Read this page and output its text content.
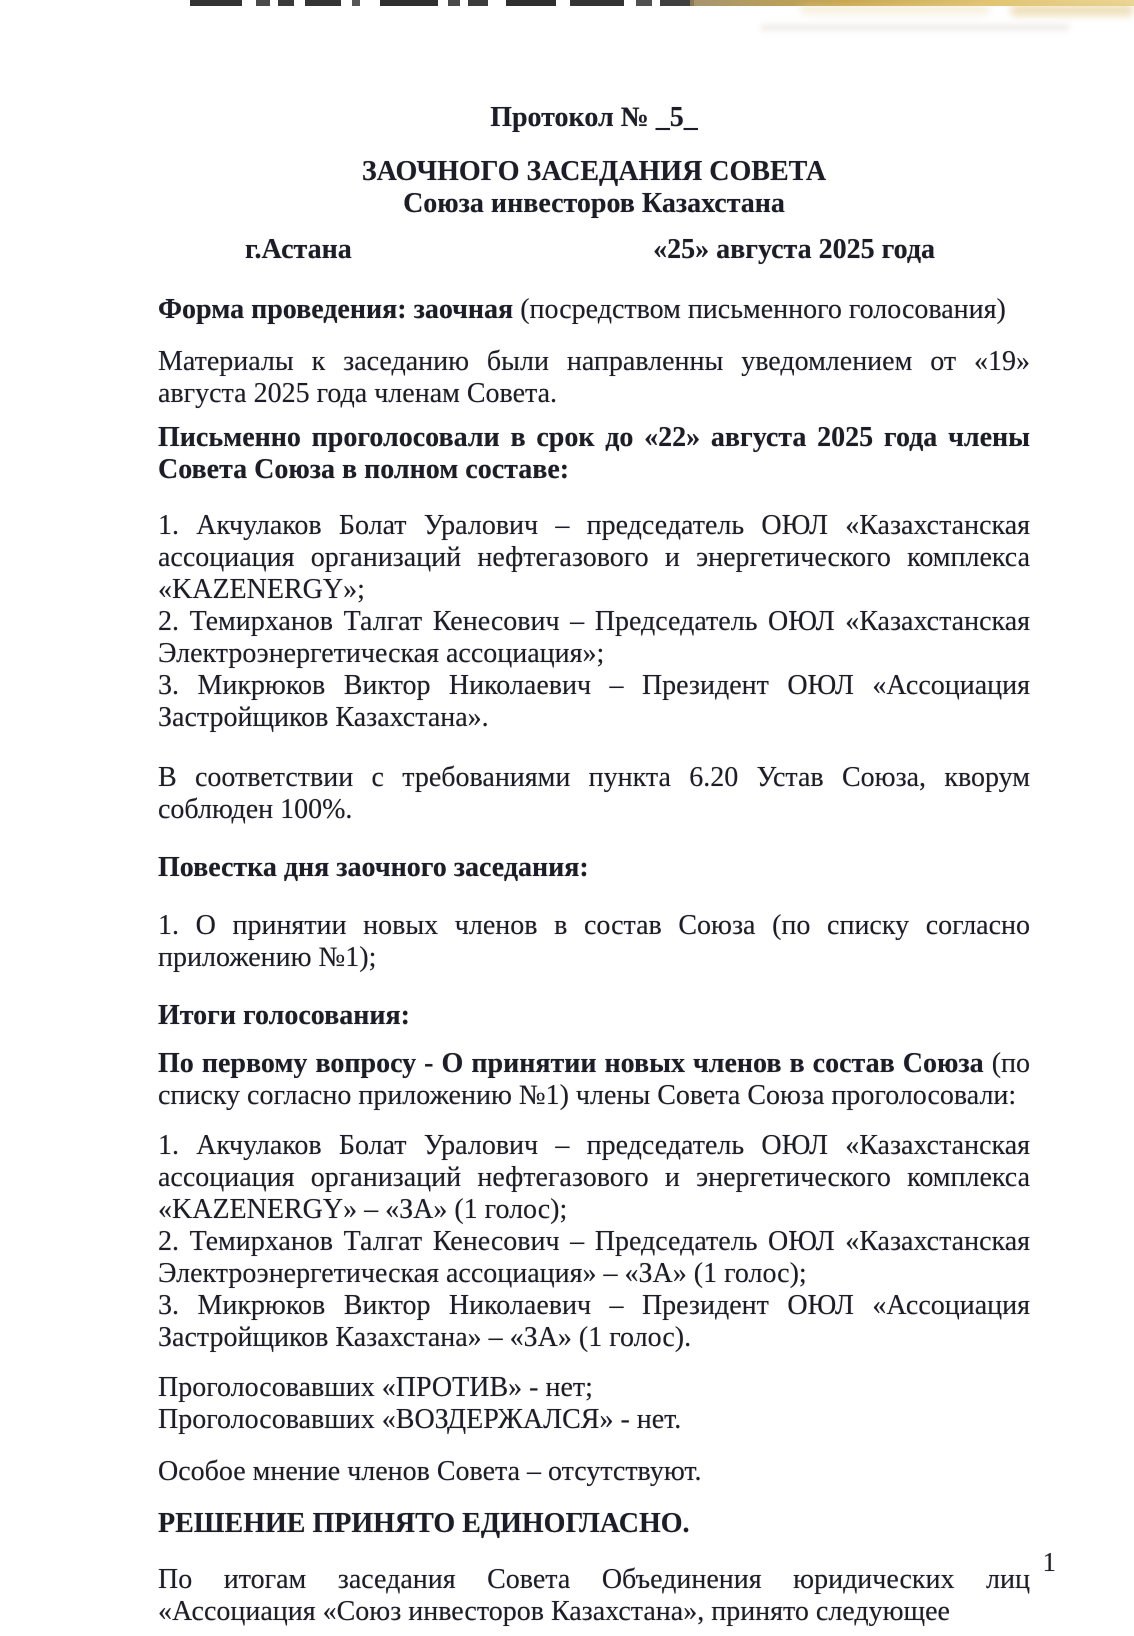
Протокол № _5_
ЗАОЧНОГО ЗАСЕДАНИЯ СОВЕТА
Союза инвесторов Казахстана
г.Астана	«25» августа 2025 года
Форма проведения: заочная (посредством письменного голосования)
Материалы к заседанию были направленны уведомлением от «19» августа 2025 года членам Совета.
Письменно проголосовали в срок до «22» августа 2025 года члены Совета Союза в полном составе:
1. Акчулаков Болат Уралович – председатель ОЮЛ «Казахстанская ассоциация организаций нефтегазового и энергетического комплекса «KAZENERGY»;
2. Темирханов Талгат Кенесович – Председатель ОЮЛ «Казахстанская Электроэнергетическая ассоциация»;
3. Микрюков Виктор Николаевич – Президент ОЮЛ «Ассоциация Застройщиков Казахстана».
В соответствии с требованиями пункта 6.20 Устав Союза, кворум соблюден 100%.
Повестка дня заочного заседания:
1. О принятии новых членов в состав Союза (по списку согласно приложению №1);
Итоги голосования:
По первому вопросу - О принятии новых членов в состав Союза (по списку согласно приложению №1) члены Совета Союза проголосовали:
1. Акчулаков Болат Уралович – председатель ОЮЛ «Казахстанская ассоциация организаций нефтегазового и энергетического комплекса «KAZENERGY» – «ЗА» (1 голос);
2. Темирханов Талгат Кенесович – Председатель ОЮЛ «Казахстанская Электроэнергетическая ассоциация» – «ЗА» (1 голос);
3. Микрюков Виктор Николаевич – Президент ОЮЛ «Ассоциация Застройщиков Казахстана» – «ЗА» (1 голос).
Проголосовавших «ПРОТИВ» - нет;
Проголосовавших «ВОЗДЕРЖАЛСЯ» - нет.
Особое мнение членов Совета – отсутствуют.
РЕШЕНИЕ ПРИНЯТО ЕДИНОГЛАСНО.
По итогам заседания Совета Объединения юридических лиц «Ассоциация «Союз инвесторов Казахстана», принято следующее
1
